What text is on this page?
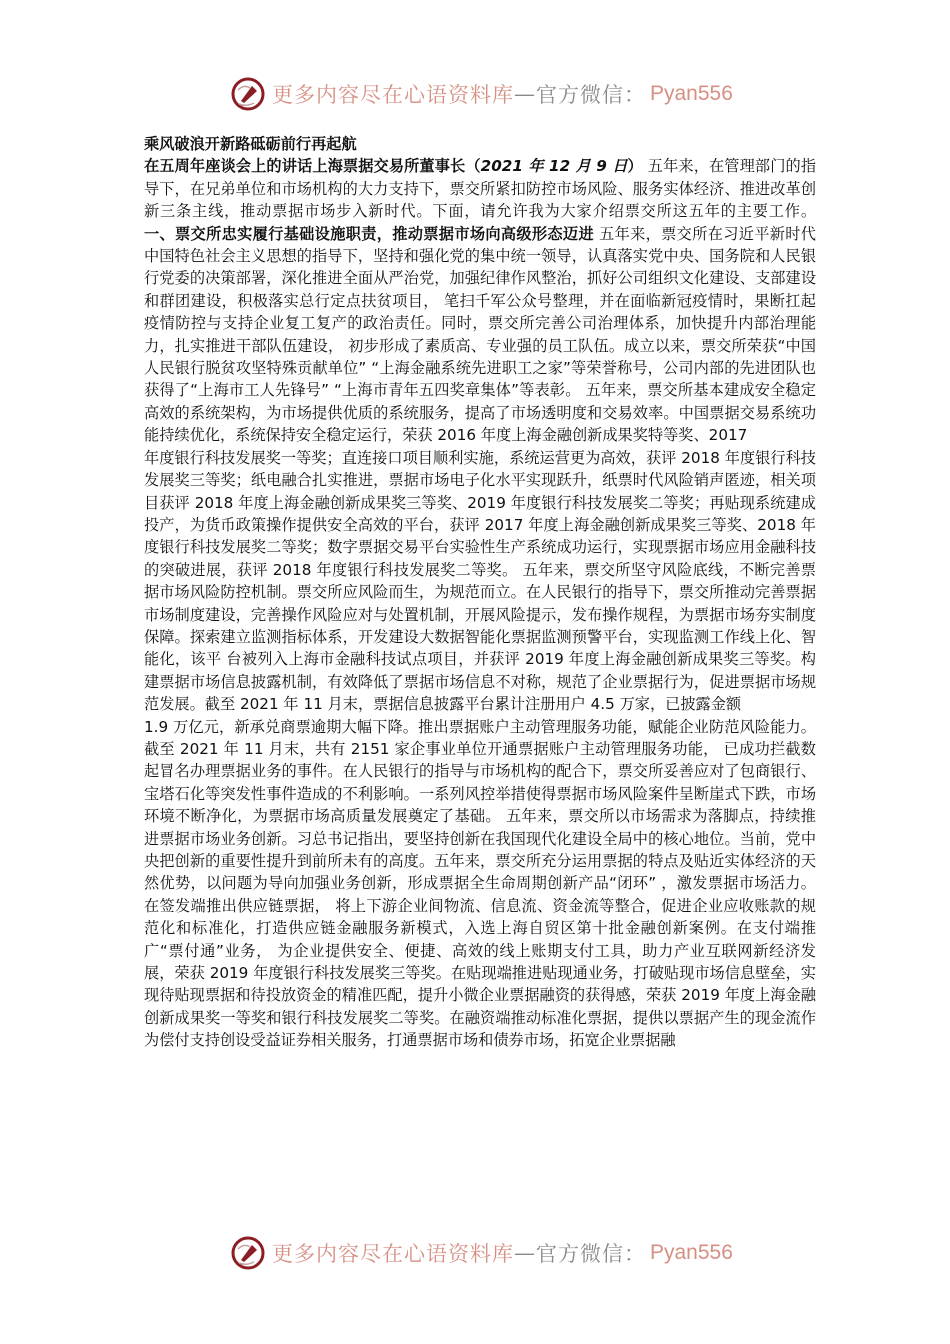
更多内容尽在心语资料库 — 官方微信： Pyan556
乘风破浪开新路砥砺前行再起航

在五周年座谈会上的讲话上海票据交易所董事长（2021 年 12 月 9 日） 五年来，在管理部门的指导下，在兄弟单位和市场机构的大力支持下，票交所紧扣防控市场风险、服务实体经济、推进改革创新三条主线，推动票据市场步入新时代。下面，请允许我为大家介绍票交所这五年的主要工作。 一、票交所忠实履行基础设施职责，推动票据市场向高级形态迈进 五年来，票交所在习近平新时代中国特色社会主义思想的指导下，坚持和强化党的集中统一领导，认真落实党中央、国务院和人民银行党委的决策部署，深化推进全面从严治党，加强纪律作风整治，抓好公司组织文化建设、支部建设和群团建设，积极落实总行定点扶贫项目， 笔扫千军公众号整理，并在面临新冠疫情时，果断扛起疫情防控与支持企业复工复产的政治责任。同时，票交所完善公司治理体系，加快提升内部治理能力，扎实推进干部队伍建设， 初步形成了素质高、专业强的员工队伍。成立以来，票交所荣获“中国人民银行脱贫攻坚特殊贡献单位” “上海金融系统先进职工之家”等荣誉称号，公司内部的先进团队也获得了“上海市工人先锋号” “上海市青年五四奖章集体”等表彰。 五年来，票交所基本建成安全稳定高效的系统架构，为市场提供优质的系统服务，提高了市场透明度和交易效率。中国票据交易系统功能持续优化，系统保持安全稳定运行，荣获 2016 年度上海金融创新成果奖特等奖、2017

年度银行科技发展奖一等奖；直连接口项目顺利实施，系统运营更为高效，获评 2018 年度银行科技发展奖三等奖；纸电融合扎实推进，票据市场电子化水平实现跃升，纸票时代风险销声匿迹，相关项目获评 2018 年度上海金融创新成果奖三等奖、2019 年度银行科技发展奖二等奖；再贴现系统建成投产，为货币政策操作提供安全高效的平台，获评 2017 年度上海金融创新成果奖三等奖、2018 年度银行科技发展奖二等奖；数字票据交易平台实验性生产系统成功运行，实现票据市场应用金融科技的突破进展，获评 2018 年度银行科技发展奖二等奖。 五年来，票交所坚守风险底线，不断完善票据市场风险防控机制。票交所应风险而生，为规范而立。在人民银行的指导下，票交所推动完善票据市场制度建设，完善操作风险应对与处置机制，开展风险提示，发布操作规程，为票据市场夯实制度保障。探索建立监测指标体系，开发建设大数据智能化票据监测预警平台，实现监测工作线上化、智能化，该平 台被列入上海市金融科技试点项目，并获评 2019 年度上海金融创新成果奖三等奖。构建票据市场信息披露机制，有效降低了票据市场信息不对称，规范了企业票据行为，促进票据市场规范发展。截至 2021 年 11 月末，票据信息披露平台累计注册用户 4.5 万家，已披露金额

1.9 万亿元，新承兑商票逾期大幅下降。推出票据账户主动管理服务功能，赋能企业防范风险能力。截至 2021 年 11 月末，共有 2151 家企事业单位开通票据账户主动管理服务功能， 已成功拦截数起冒名办理票据业务的事件。在人民银行的指导与市场机构的配合下，票交所妥善应对了包商银行、宝塔石化等突发性事件造成的不利影响。一系列风控举措使得票据市场风险案件呈断崖式下跌，市场环境不断净化，为票据市场高质量发展奠定了基础。 五年来，票交所以市场需求为落脚点，持续推进票据市场业务创新。习总书记指出，要坚持创新在我国现代化建设全局中的核心地位。当前，党中央把创新的重要性提升到前所未有的高度。五年来，票交所充分运用票据的特点及贴近实体经济的天然优势，以问题为导向加强业务创新，形成票据全生命周期创新产品“闭环” ，激发票据市场活力。在签发端推出供应链票据， 将上下游企业间物流、信息流、资金流等整合，促进企业应收账款的规范化和标准化，打造供应链金融服务新模式，入选上海自贸区第十批金融创新案例。在支付端推广“票付通”业务， 为企业提供安全、便捷、高效的线上账期支付工具，助力产业互联网新经济发展，荣获 2019 年度银行科技发展奖三等奖。在贴现端推进贴现通业务，打破贴现市场信息壁垒，实现待贴现票据和待投放资金的精准匹配，提升小微企业票据融资的获得感，荣获 2019 年度上海金融创新成果奖一等奖和银行科技发展奖二等奖。在融资端推动标准化票据，提供以票据产生的现金流作为偿付支持创设受益证券相关服务，打通票据市场和债券市场，拓宽企业票据融

更多内容尽在心语资料库 — 官方微信： Pyan556
